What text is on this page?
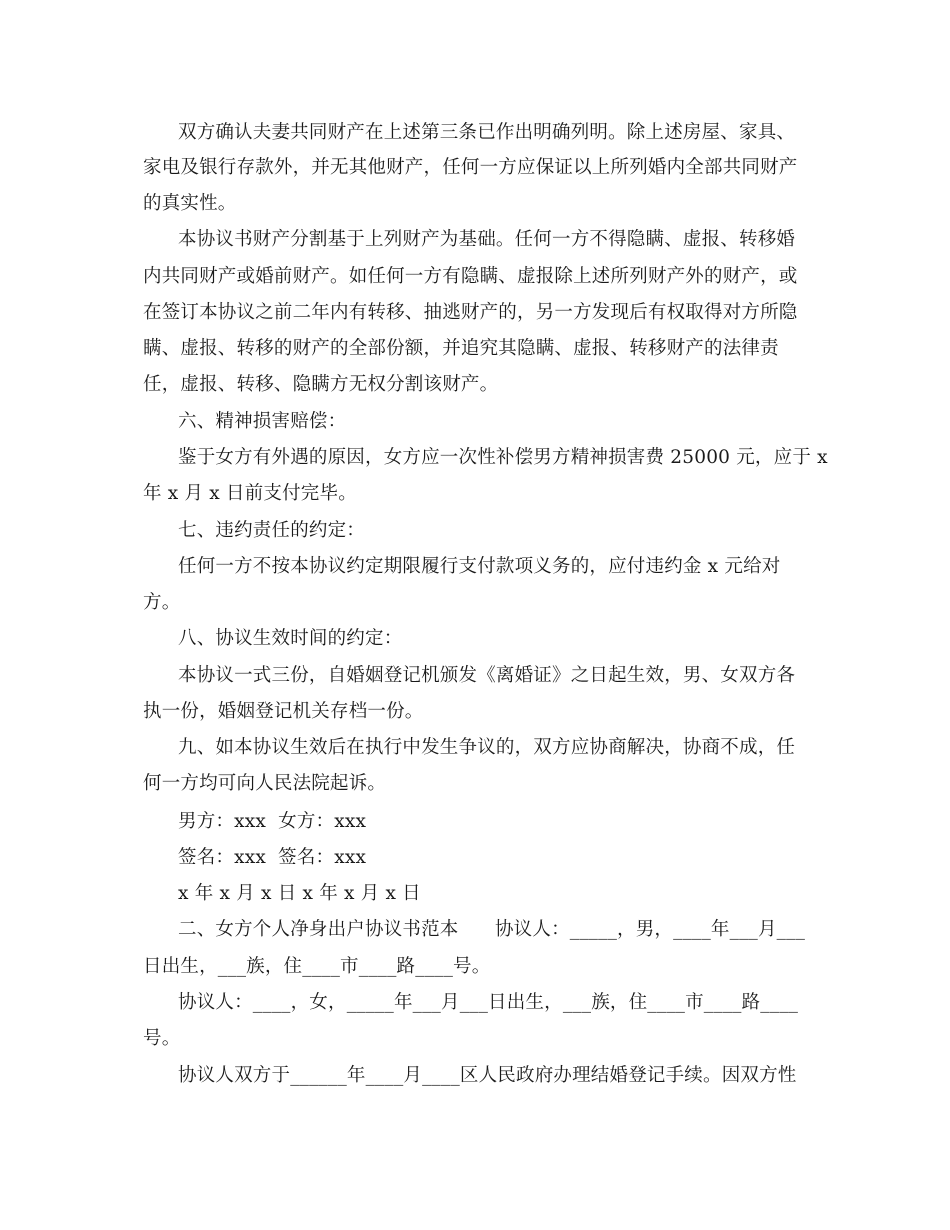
双方确认夫妻共同财产在上述第三条已作出明确列明。除上述房屋、家具、
家电及银行存款外，并无其他财产，任何一方应保证以上所列婚内全部共同财产
的真实性。
本协议书财产分割基于上列财产为基础。任何一方不得隐瞒、虚报、转移婚
内共同财产或婚前财产。如任何一方有隐瞒、虚报除上述所列财产外的财产，或
在签订本协议之前二年内有转移、抽逃财产的，另一方发现后有权取得对方所隐
瞒、虚报、转移的财产的全部份额，并追究其隐瞒、虚报、转移财产的法律责
任，虚报、转移、隐瞒方无权分割该财产。
六、精神损害赔偿：
鉴于女方有外遇的原因，女方应一次性补偿男方精神损害费 25000 元，应于 x
年 x 月 x 日前支付完毕。
七、违约责任的约定：
任何一方不按本协议约定期限履行支付款项义务的，应付违约金 x 元给对
方。
八、协议生效时间的约定：
本协议一式三份，自婚姻登记机颁发《离婚证》之日起生效，男、女双方各
执一份，婚姻登记机关存档一份。
九、如本协议生效后在执行中发生争议的，双方应协商解决，协商不成，任
何一方均可向人民法院起诉。
男方：xxx  女方：xxx
签名：xxx  签名：xxx
x 年 x 月 x 日 x 年 x 月 x 日
二、女方个人净身出户协议书范本      协议人：_____，男，____年___月___
日出生，___族，住____市____路____号。
协议人：____，女，_____年___月___日出生，___族，住____市____路____
号。
协议人双方于______年____月____区人民政府办理结婚登记手续。因双方性
